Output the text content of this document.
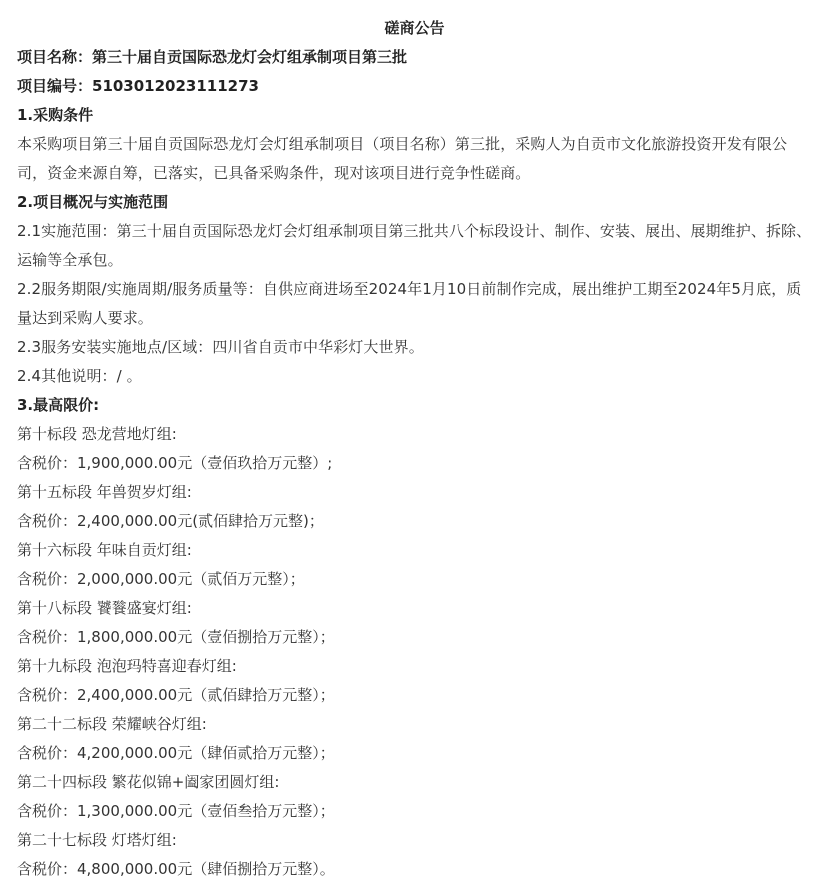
磋商公告

项目名称：第三十届自贡国际恐龙灯会灯组承制项目第三批

项目编号：510301202311127​3

1.采购条件

本采购项目第三十届自贡国际恐龙灯会灯组承制项目（项目名称）第三批，采购人为自贡市文化旅游投资开发有限公司，资金来源自筹，已落实，已具备采购条件，现对该项目进行竞争性磋商。

2.项目概况与实施范围

2.1实施范围：第三十届自贡国际恐龙灯会灯组承制项目第三批共八个标段设计、制作、安装、展出、展期维护、拆除、运输等全承包。

2.2服务期限/实施周期/服务质量等：自供应商进场至2024年1月10日前制作完成，展出维护工期至2024年5月底，质量达到采购人要求。

2.3服务安装实施地点/区域：四川省自贡市中华彩灯大世界。

2.4其他说明：/ 。

3.最高限价:

第十标段 恐龙营地灯组:

含税价：1,900,000.00元（壹佰玖拾万元整）;

第十五标段 年兽贺岁灯组:

含税价：2,400,000.00元(贰佰肆拾万元整)；

第十六标段 年味自贡灯组:

含税价：2,000,000.00元（贰佰万元整）；

第十八标段 饕餮盛宴灯组:

含税价：1,800,000.00元（壹佰捌拾万元整）；

第十九标段 泡泡玛特喜迎春灯组:

含税价：2,400,000.00元（贰佰肆拾万元整）；

第二十二标段 荣耀峡谷灯组:

含税价：4,200,000.00元（肆佰贰拾万元整）；

第二十四标段 繁花似锦+阖家团圆灯组:

含税价：1,300,000.00元（壹佰叁拾万元整）；

第二十七标段 灯塔灯组:

含税价：4,800,000.00元（肆佰捌拾万元整）。
